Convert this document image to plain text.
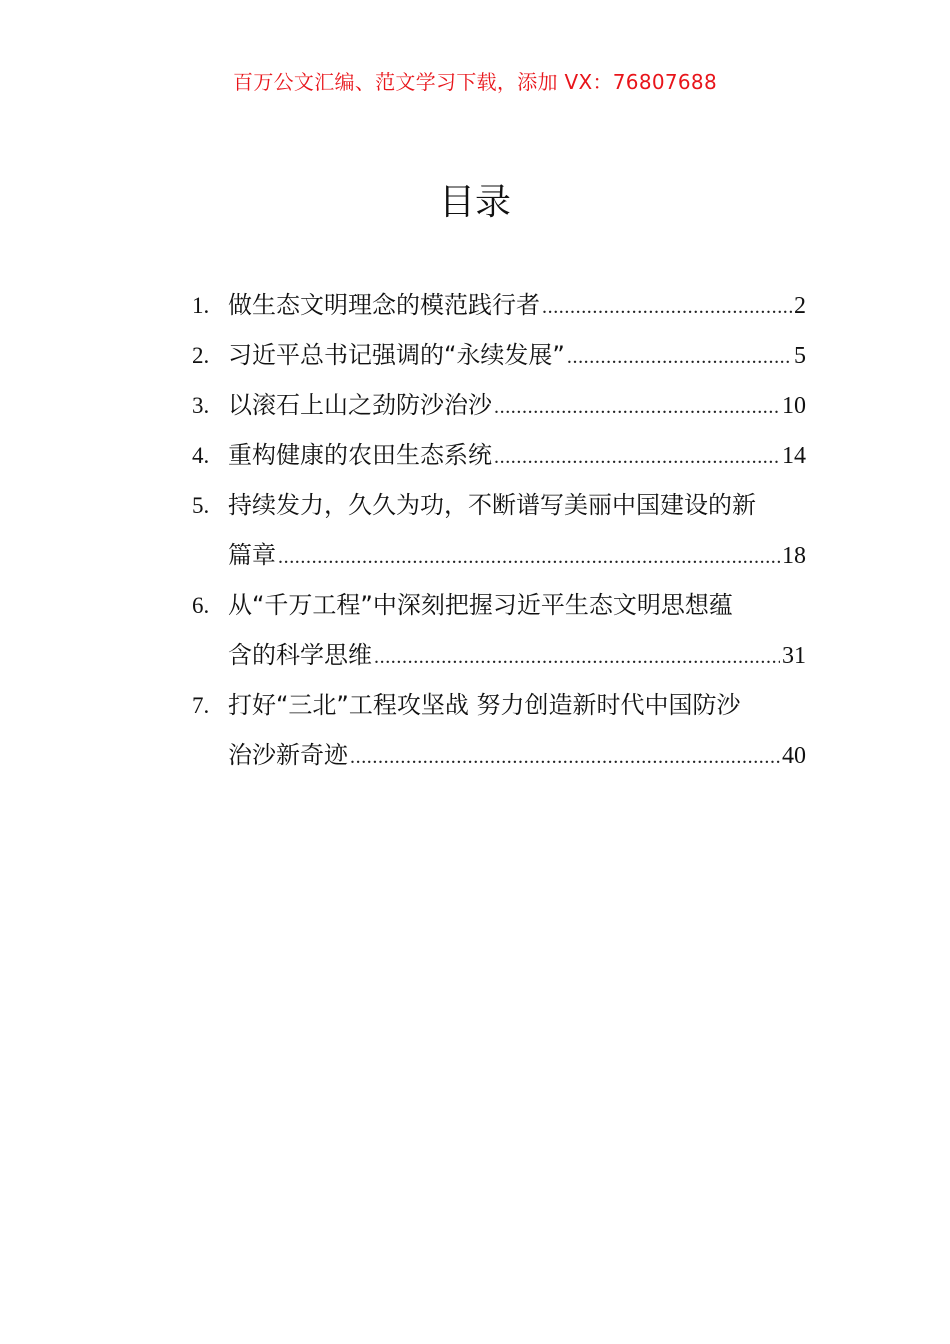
百万公文汇编、范文学习下载，添加 VX：76807688
目录
1. 做生态文明理念的模范践行者 .....	2
2. 习近平总书记强调的“永续发展” .....	5
3. 以滚石上山之劲防沙治沙 .....	10
4. 重构健康的农田生态系统 .....	14
5. 持续发力，久久为功，不断谱写美丽中国建设的新
篇章 .....	18
6. 从“千万工程”中深刻把握习近平生态文明思想蕴
含的科学思维 .....	31
7. 打好“三北”工程攻坚战 努力创造新时代中国防沙
治沙新奇迹 .....	40
